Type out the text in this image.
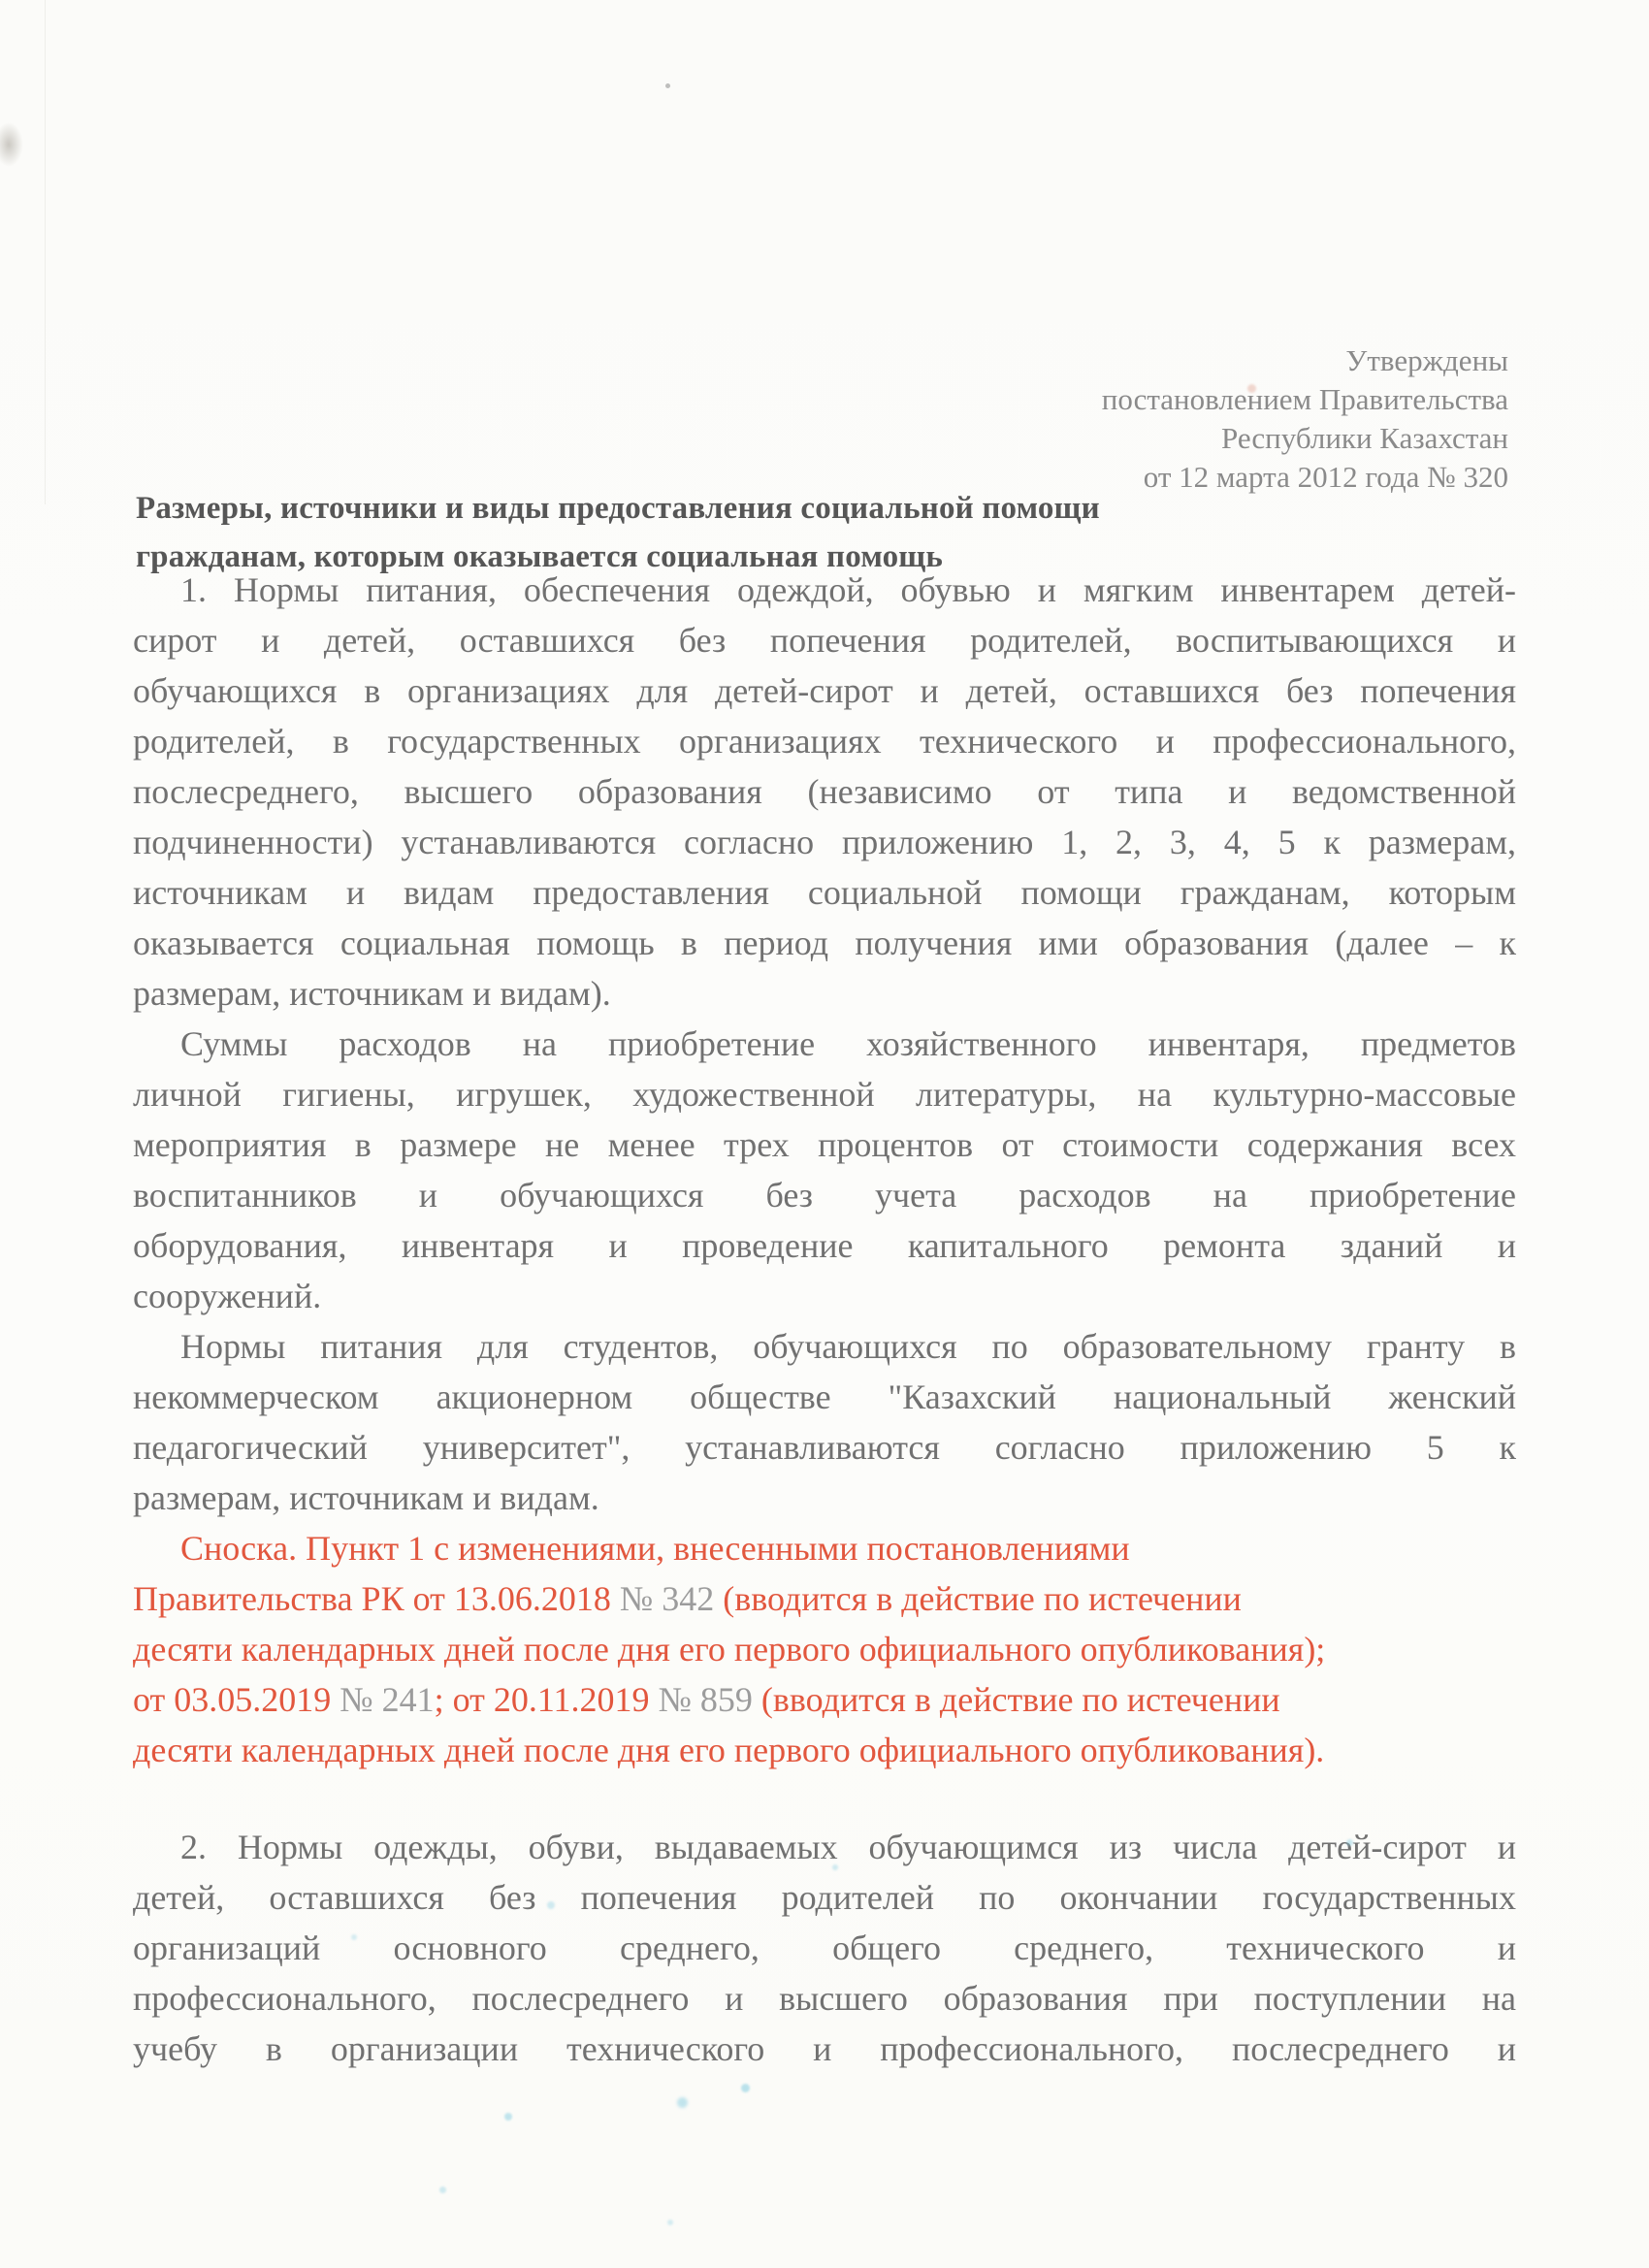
Утверждены
постановлением Правительства
Республики Казахстан
от 12 марта 2012 года № 320
Размеры, источники и виды предоставления социальной помощи
гражданам, которым оказывается социальная помощь
1. Нормы питания, обеспечения одеждой, обувью и мягким инвентарем детей-
сирот и детей, оставшихся без попечения родителей, воспитывающихся и
обучающихся в организациях для детей-сирот и детей, оставшихся без попечения
родителей, в государственных организациях технического и профессионального,
послесреднего, высшего образования (независимо от типа и ведомственной
подчиненности) устанавливаются согласно приложению 1, 2, 3, 4, 5 к размерам,
источникам и видам предоставления социальной помощи гражданам, которым
оказывается социальная помощь в период получения ими образования (далее – к
размерам, источникам и видам).
Суммы расходов на приобретение хозяйственного инвентаря, предметов
личной гигиены, игрушек, художественной литературы, на культурно-массовые
мероприятия в размере не менее трех процентов от стоимости содержания всех
воспитанников и обучающихся без учета расходов на приобретение
оборудования, инвентаря и проведение капитального ремонта зданий и
сооружений.
Нормы питания для студентов, обучающихся по образовательному гранту в
некоммерческом акционерном обществе "Казахский национальный женский
педагогический университет", устанавливаются согласно приложению 5 к
размерам, источникам и видам.
Сноска. Пункт 1 с изменениями, внесенными постановлениями
Правительства РК от 13.06.2018 № 342 (вводится в действие по истечении
десяти календарных дней после дня его первого официального опубликования);
от 03.05.2019 № 241; от 20.11.2019 № 859 (вводится в действие по истечении
десяти календарных дней после дня его первого официального опубликования).
2. Нормы одежды, обуви, выдаваемых обучающимся из числа детей-сирот и
детей, оставшихся без попечения родителей по окончании государственных
организаций основного среднего, общего среднего, технического и
профессионального, послесреднего и высшего образования при поступлении на
учебу в организации технического и профессионального, послесреднего и
